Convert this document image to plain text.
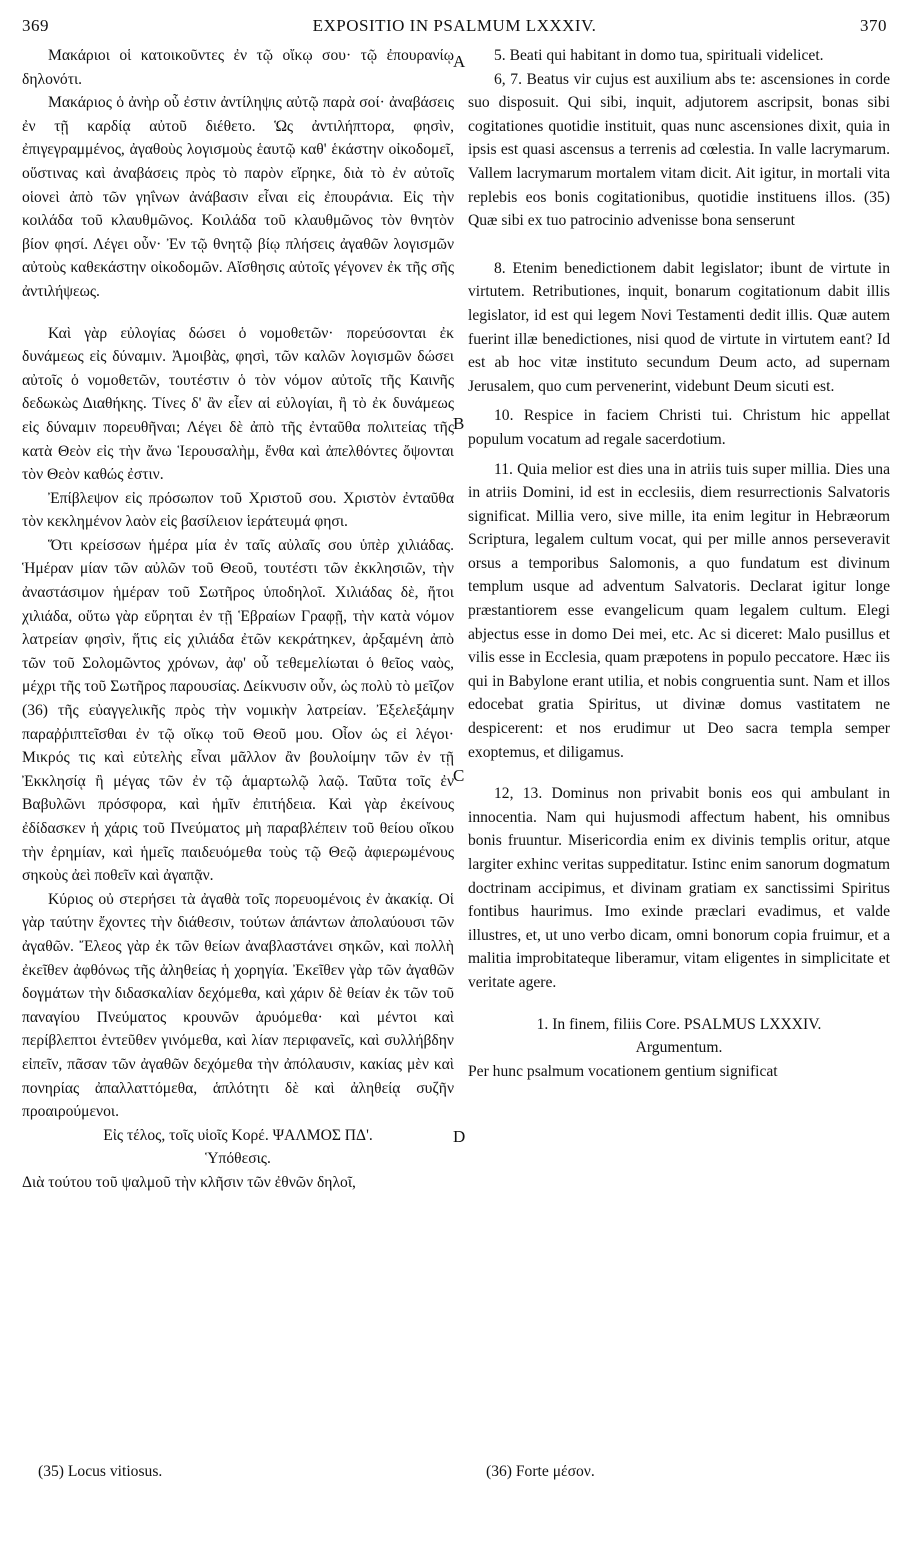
369	EXPOSITIO IN PSALMUM LXXXIV.	370

Μακάριοι οἱ κατοικοῦντες ἐν τῷ οἴκῳ σου· τῷ ἐπουρανίῳ δηλονότι.

Μακάριος ὁ ἀνὴρ οὗ ἐστιν ἀντίληψις αὐτῷ παρὰ σοί· ἀναβάσεις ἐν τῇ καρδίᾳ αὐτοῦ διέθετο. Ὡς ἀντιλήπτορα, φησὶν, ἐπιγεγραμμένος, ἀγαθοὺς λογισμοὺς ἑαυτῷ καθ' ἑκάστην οἰκοδομεῖ, οὕστινας καὶ ἀναβάσεις πρὸς τὸ παρὸν εἴρηκε, διὰ τὸ ἐν αὐτοῖς οἱονεὶ ἀπὸ τῶν γηΐνων ἀνάβασιν εἶναι εἰς ἐπουράνια. Εἰς τὴν κοιλάδα τοῦ κλαυθμῶνος. Κοιλάδα τοῦ κλαυθμῶνος τὸν θνητὸν βίον φησί. Λέγει οὖν· Ἐν τῷ θνητῷ βίῳ πλήσεις ἀγαθῶν λογισμῶν αὐτοὺς καθεκάστην οἰκοδομῶν. Αἴσθησις αὐτοῖς γέγονεν ἐκ τῆς σῆς ἀντιλήψεως.

Καὶ γὰρ εὐλογίας δώσει ὁ νομοθετῶν· πορεύσονται ἐκ δυνάμεως εἰς δύναμιν. Ἀμοιβὰς, φησὶ, τῶν καλῶν λογισμῶν δώσει αὐτοῖς ὁ νομοθετῶν, τουτέστιν ὁ τὸν νόμον αὐτοῖς τῆς Καινῆς δεδωκὼς Διαθήκης. Τίνες δ' ἂν εἶεν αἱ εὐλογίαι, ἢ τὸ ἐκ δυνάμεως εἰς δύναμιν πορευθῆναι; Λέγει δὲ ἀπὸ τῆς ἐνταῦθα πολιτείας τῆς κατὰ Θεὸν εἰς τὴν ἄνω Ἱερουσαλὴμ, ἔνθα καὶ ἀπελθόντες ὄψονται τὸν Θεὸν καθώς ἐστιν.

Ἐπίβλεψον εἰς πρόσωπον τοῦ Χριστοῦ σου. Χριστὸν ἐνταῦθα τὸν κεκλημένον λαὸν εἰς βασίλειον ἱεράτευμά φησι.

Ὅτι κρείσσων ἡμέρα μία ἐν ταῖς αὐλαῖς σου ὑπὲρ χιλιάδας. Ἡμέραν μίαν τῶν αὐλῶν τοῦ Θεοῦ, τουτέστι τῶν ἐκκλησιῶν, τὴν ἀναστάσιμον ἡμέραν τοῦ Σωτῆρος ὑποδηλοῖ. Χιλιάδας δὲ, ἤτοι χιλιάδα, οὕτω γὰρ εὕρηται ἐν τῇ Ἑβραίων Γραφῇ, τὴν κατὰ νόμον λατρείαν φησὶν, ἥτις εἰς χιλιάδα ἐτῶν κεκράτηκεν, ἀρξαμένη ἀπὸ τῶν τοῦ Σολομῶντος χρόνων, ἀφ' οὗ τεθεμελίωται ὁ θεῖος ναὸς, μέχρι τῆς τοῦ Σωτῆρος παρουσίας. Δείκνυσιν οὖν, ὡς πολὺ τὸ μεῖζον (36) τῆς εὐαγγελικῆς πρὸς τὴν νομικὴν λατρείαν. Ἐξελεξάμην παραῤῥιπτεῖσθαι ἐν τῷ οἴκῳ τοῦ Θεοῦ μου. Οἷον ὡς εἰ λέγοι· Μικρός τις καὶ εὐτελὴς εἶναι μᾶλλον ἂν βουλοίμην τῶν ἐν τῇ Ἐκκλησίᾳ ἢ μέγας τῶν ἐν τῷ ἁμαρτωλῷ λαῷ. Ταῦτα τοῖς ἐν Βαβυλῶνι πρόσφορα, καὶ ἡμῖν ἐπιτήδεια. Καὶ γὰρ ἐκείνους ἐδίδασκεν ἡ χάρις τοῦ Πνεύματος μὴ παραβλέπειν τοῦ θείου οἴκου τὴν ἐρημίαν, καὶ ἡμεῖς παιδευόμεθα τοὺς τῷ Θεῷ ἀφιερωμένους σηκοὺς ἀεὶ ποθεῖν καὶ ἀγαπᾷν.

Κύριος οὐ στερήσει τὰ ἀγαθὰ τοῖς πορευομένοις ἐν ἀκακίᾳ. Οἱ γὰρ ταύτην ἔχοντες τὴν διάθεσιν, τούτων ἁπάντων ἀπολαύουσι τῶν ἀγαθῶν. Ἔλεος γὰρ ἐκ τῶν θείων ἀναβλαστάνει σηκῶν, καὶ πολλὴ ἐκεῖθεν ἀφθόνως τῆς ἀληθείας ἡ χορηγία. Ἐκεῖθεν γὰρ τῶν ἀγαθῶν δογμάτων τὴν διδασκαλίαν δεχόμεθα, καὶ χάριν δὲ θείαν ἐκ τῶν τοῦ παναγίου Πνεύματος κρουνῶν ἀρυόμεθα· καὶ μέντοι καὶ περίβλεπτοι ἐντεῦθεν γινόμεθα, καὶ λίαν περιφανεῖς, καὶ συλλήβδην εἰπεῖν, πᾶσαν τῶν ἀγαθῶν δεχόμεθα τὴν ἀπόλαυσιν, κακίας μὲν καὶ πονηρίας ἀπαλλαττόμεθα, ἁπλότητι δὲ καὶ ἀληθείᾳ συζῆν προαιρούμενοι.

Εἰς τέλος, τοῖς υἱοῖς Κορέ. ΨΑΛΜΟΣ ΠΔ'.

Ὑπόθεσις.

Διὰ τούτου τοῦ ψαλμοῦ τὴν κλῆσιν τῶν ἐθνῶν δηλοῖ,

A
B
C
D

5. Beati qui habitant in domo tua, spirituali videlicet.

6, 7. Beatus vir cujus est auxilium abs te: ascensiones in corde suo disposuit. Qui sibi, inquit, adjutorem ascripsit, bonas sibi cogitationes quotidie instituit, quas nunc ascensiones dixit, quia in ipsis est quasi ascensus a terrenis ad cœlestia. In valle lacrymarum. Vallem lacrymarum mortalem vitam dicit. Ait igitur, in mortali vita replebis eos bonis cogitationibus, quotidie instituens illos. (35) Quæ sibi ex tuo patrocinio advenisse bona senserunt

8. Etenim benedictionem dabit legislator; ibunt de virtute in virtutem. Retributiones, inquit, bonarum cogitationum dabit illis legislator, id est qui legem Novi Testamenti dedit illis. Quæ autem fuerint illæ benedictiones, nisi quod de virtute in virtutem eant? Id est ab hoc vitæ instituto secundum Deum acto, ad supernam Jerusalem, quo cum pervenerint, videbunt Deum sicuti est.

10. Respice in faciem Christi tui. Christum hic appellat populum vocatum ad regale sacerdotium.

11. Quia melior est dies una in atriis tuis super millia. Dies una in atriis Domini, id est in ecclesiis, diem resurrectionis Salvatoris significat. Millia vero, sive mille, ita enim legitur in Hebræorum Scriptura, legalem cultum vocat, qui per mille annos perseveravit orsus a temporibus Salomonis, a quo fundatum est divinum templum usque ad adventum Salvatoris. Declarat igitur longe præstantiorem esse evangelicum quam legalem cultum. Elegi abjectus esse in domo Dei mei, etc. Ac si diceret: Malo pusillus et vilis esse in Ecclesia, quam præpotens in populo peccatore. Hæc iis qui in Babylone erant utilia, et nobis congruentia sunt. Nam et illos edocebat gratia Spiritus, ut divinæ domus vastitatem ne despicerent: et nos erudimur ut Deo sacra templa semper exoptemus, et diligamus.

12, 13. Dominus non privabit bonis eos qui ambulant in innocentia. Nam qui hujusmodi affectum habent, his omnibus bonis fruuntur. Misericordia enim ex divinis templis oritur, atque largiter exhinc veritas suppeditatur. Istinc enim sanorum dogmatum doctrinam accipimus, et divinam gratiam ex sanctissimi Spiritus fontibus haurimus. Imo exinde præclari evadimus, et valde illustres, et, ut uno verbo dicam, omni bonorum copia fruimur, et a malitia improbitateque liberamur, vitam eligentes in simplicitate et veritate agere.

1. In finem, filiis Core. PSALMUS LXXXIV.

Argumentum.

Per hunc psalmum vocationem gentium significat

(35) Locus vitiosus.	(36) Forte μέσον.
